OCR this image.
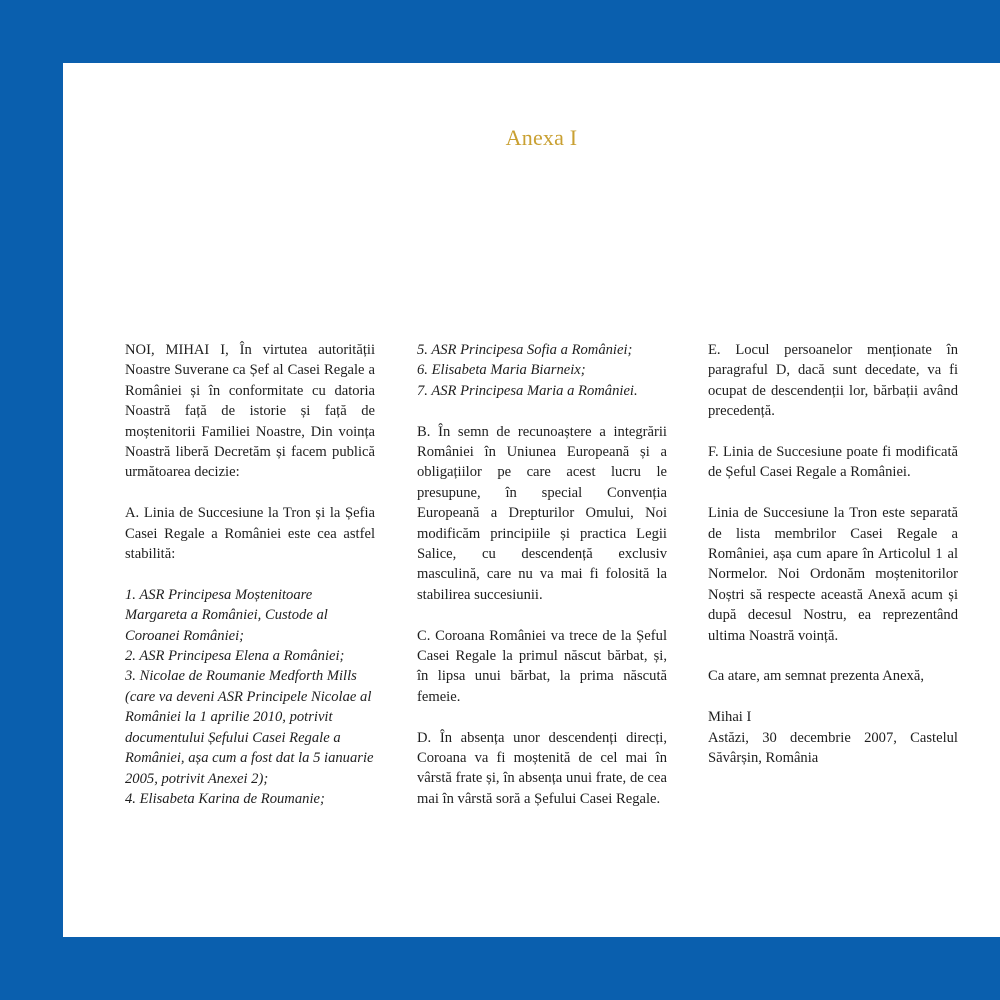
Anexa I

NOI, MIHAI I, În virtutea autorității Noastre Suverane ca Șef al Casei Regale a României și în conformitate cu datoria Noastră față de istorie și față de moștenitorii Familiei Noastre, Din voința Noastră liberă Decretăm și facem publică următoarea decizie:

A. Linia de Succesiune la Tron și la Șefia Casei Regale a României este cea astfel stabilită:

1. ASR Principesa Moștenitoare Margareta a României, Custode al Coroanei României;
2. ASR Principesa Elena a României;
3. Nicolae de Roumanie Medforth Mills (care va deveni ASR Principele Nicolae al României la 1 aprilie 2010, potrivit documentului Șefului Casei Regale a României, așa cum a fost dat la 5 ianuarie 2005, potrivit Anexei 2);
4. Elisabeta Karina de Roumanie;
5. ASR Principesa Sofia a României;
6. Elisabeta Maria Biarneix;
7. ASR Principesa Maria a României.

B. În semn de recunoaștere a integrării României în Uniunea Europeană și a obligațiilor pe care acest lucru le presupune, în special Convenția Europeană a Drepturilor Omului, Noi modificăm principiile și practica Legii Salice, cu descendență exclusiv masculină, care nu va mai fi folosită la stabilirea succesiunii.

C. Coroana României va trece de la Șeful Casei Regale la primul născut bărbat, și, în lipsa unui bărbat, la prima născută femeie.

D. În absența unor descendenți direcți, Coroana va fi moștenită de cel mai în vârstă frate și, în absența unui frate, de cea mai în vârstă soră a Șefului Casei Regale.

E. Locul persoanelor menționate în paragraful D, dacă sunt decedate, va fi ocupat de descendenții lor, bărbații având precedență.

F. Linia de Succesiune poate fi modificată de Șeful Casei Regale a României.

Linia de Succesiune la Tron este separată de lista membrilor Casei Regale a României, așa cum apare în Articolul 1 al Normelor. Noi Ordonăm moștenitorilor Noștri să respecte această Anexă acum și după decesul Nostru, ea reprezentând ultima Noastră voință.

Ca atare, am semnat prezenta Anexă,

Mihai I
Astăzi, 30 decembrie 2007, Castelul Săvârșin, România
